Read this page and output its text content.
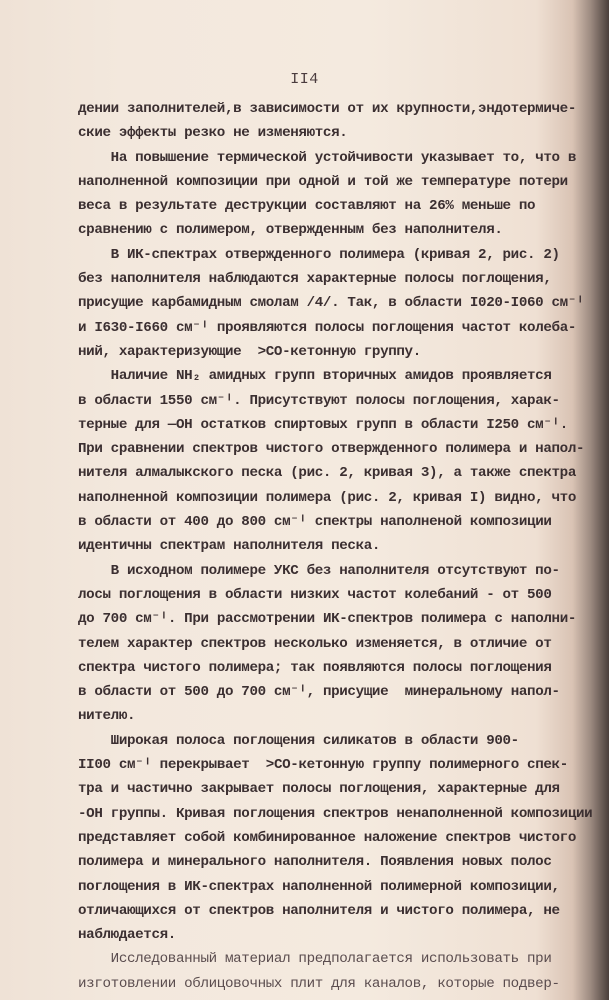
II4
дении заполнителей,в зависимости от их крупности,эндотермиче-
ские эффекты резко не изменяются.
На повышение термической устойчивости указывает то, что в
наполненной композиции при одной и той же температуре потери
веса в результате деструкции составляют на 26% меньше по
сравнению с полимером, отвержденным без наполнителя.
В ИК-спектрах отвержденного полимера (кривая 2, рис. 2)
без наполнителя наблюдаются характерные полосы поглощения,
присущие карбамидным смолам /4/. Так, в области I020-I060 см⁻ᴵ
и I630-I660 см⁻ᴵ проявляются полосы поглощения частот колеба-
ний, характеризующие  >CO-кетонную группу.
Наличие NH₂ амидных групп вторичных амидов проявляется
в области 1550 см⁻ᴵ. Присутствуют полосы поглощения, харак-
терные для —OH остатков спиртовых групп в области I250 см⁻ᴵ.
При сравнении спектров чистого отвержденного полимера и напол-
нителя алмалыкского песка (рис. 2, кривая 3), а также спектра
наполненной композиции полимера (рис. 2, кривая I) видно, что
в области от 400 до 800 см⁻ᴵ спектры наполненой композиции
идентичны спектрам наполнителя песка.
В исходном полимере УКС без наполнителя отсутствуют по-
лосы поглощения в области низких частот колебаний - от 500
до 700 см⁻ᴵ. При рассмотрении ИК-спектров полимера с наполни-
телем характер спектров несколько изменяется, в отличие от
спектра чистого полимера; так появляются полосы поглощения
в области от 500 до 700 см⁻ᴵ, присущие  минеральному напол-
нителю.
Широкая полоса поглощения силикатов в области 900-
II00 см⁻ᴵ перекрывает  >CO-кетонную группу полимерного спек-
тра и частично закрывает полосы поглощения, характерные для
-OH группы. Кривая поглощения спектров ненаполненной композиции
представляет собой комбинированное наложение спектров чистого
полимера и минерального наполнителя. Появления новых полос
поглощения в ИК-спектрах наполненной полимерной композиции,
отличающихся от спектров наполнителя и чистого полимера, не
наблюдается.
Исследованный материал предполагается использовать при
изготовлении облицовочных плит для каналов, которые подвер-
